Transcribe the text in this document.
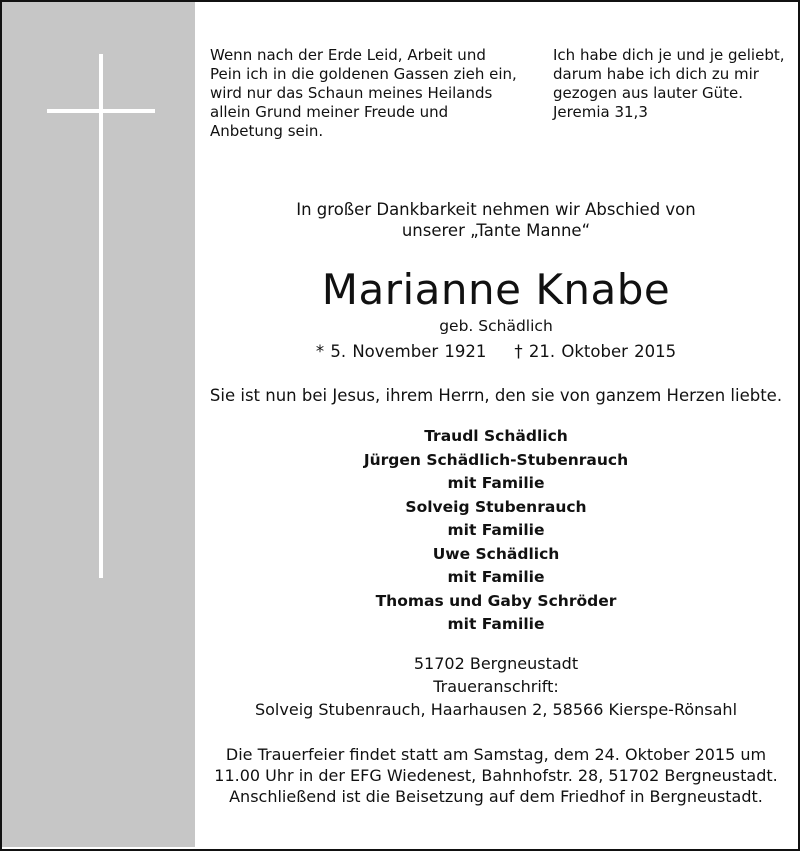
Wenn nach der Erde Leid, Arbeit und
Pein ich in die goldenen Gassen zieh ein,
wird nur das Schaun meines Heilands
allein Grund meiner Freude und
Anbetung sein.
Ich habe dich je und je geliebt,
darum habe ich dich zu mir
gezogen aus lauter Güte.
Jeremia 31,3
In großer Dankbarkeit nehmen wir Abschied von
unserer „Tante Manne“
Marianne Knabe
geb. Schädlich
* 5. November 1921 † 21. Oktober 2015
Sie ist nun bei Jesus, ihrem Herrn, den sie von ganzem Herzen liebte.
Traudl Schädlich
Jürgen Schädlich-Stubenrauch
mit Familie
Solveig Stubenrauch
mit Familie
Uwe Schädlich
mit Familie
Thomas und Gaby Schröder
mit Familie
51702 Bergneustadt
Traueranschrift:
Solveig Stubenrauch, Haarhausen 2, 58566 Kierspe-Rönsahl
Die Trauerfeier findet statt am Samstag, dem 24. Oktober 2015 um
11.00 Uhr in der EFG Wiedenest, Bahnhofstr. 28, 51702 Bergneustadt.
Anschließend ist die Beisetzung auf dem Friedhof in Bergneustadt.
